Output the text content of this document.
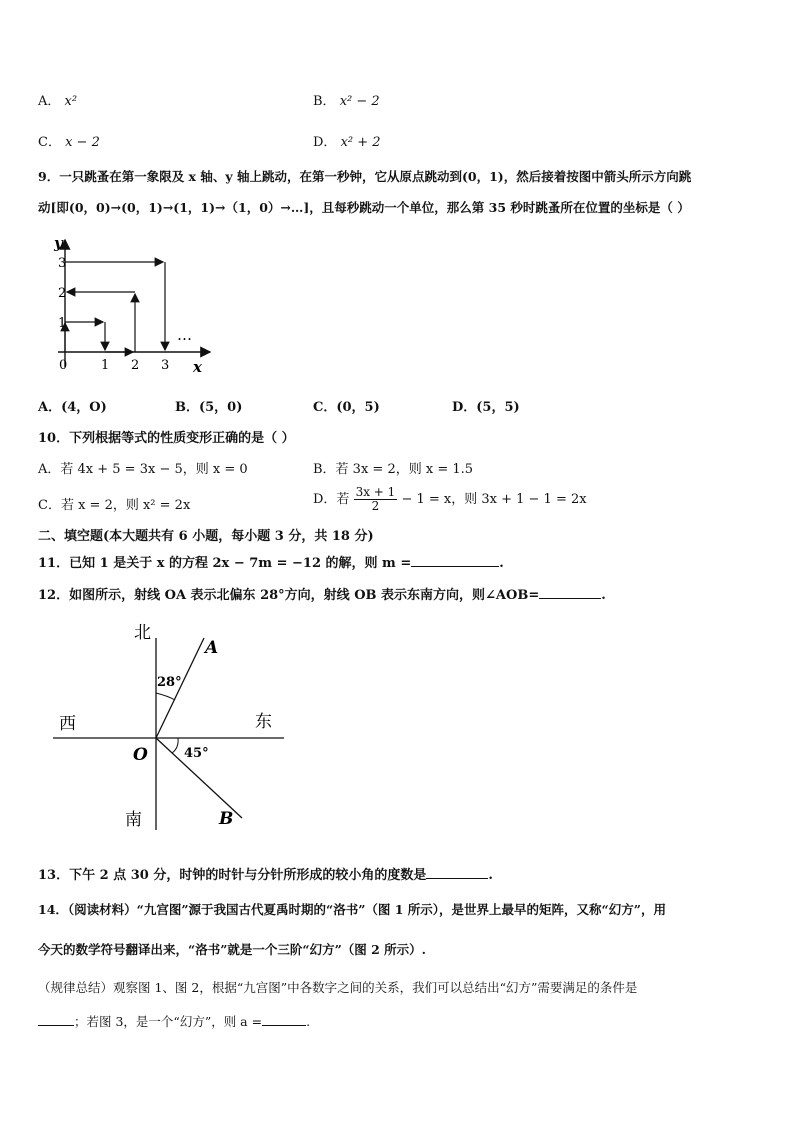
A． x²	B． x² − 2
C． x − 2	D． x² + 2
9．一只跳蚤在第一象限及 x 轴、y 轴上跳动，在第一秒钟，它从原点跳动到(0，1)，然后接着按图中箭头所示方向跳
动[即(0，0)→(0，1)→(1，1)→（1，0）→…]，且每秒跳动一个单位，那么第 35 秒时跳蚤所在位置的坐标是（ ）
y
x
0	1 2 3
1
2
3
…
A．(4，O)	B．(5，0)	C．(0，5)	D．(5，5)
10．下列根据等式的性质变形正确的是（ ）
A．若 4x + 5 = 3x − 5，则 x = 0	B．若 3x = 2，则 x = 1.5
C．若 x = 2，则 x² = 2x	D．若 $\frac{3x + 1}{2} - 1 = x$，则 3x + 1 − 1 = 2x
二、填空题(本大题共有 6 小题，每小题 3 分，共 18 分)
11．已知 1 是关于 x 的方程 2x − 7m = −12 的解，则 m =	.
12．如图所示，射线 OA 表示北偏东 28°方向，射线 OB 表示东南方向，则∠AOB=	.
北
南
西	东
A
B
O
28°
45°
13．下午 2 点 30 分，时钟的时针与分针所形成的较小角的度数是	.
14．（阅读材料）“九宫图”源于我国古代夏禹时期的“洛书”（图 1 所示），是世界上最早的矩阵，又称“幻方”，用
今天的数学符号翻译出来，“洛书”就是一个三阶“幻方”（图 2 所示）.
（规律总结）观察图 1、图 2，根据“九宫图”中各数字之间的关系，我们可以总结出“幻方”需要满足的条件是
；若图 3，是一个“幻方”，则 a =	.
